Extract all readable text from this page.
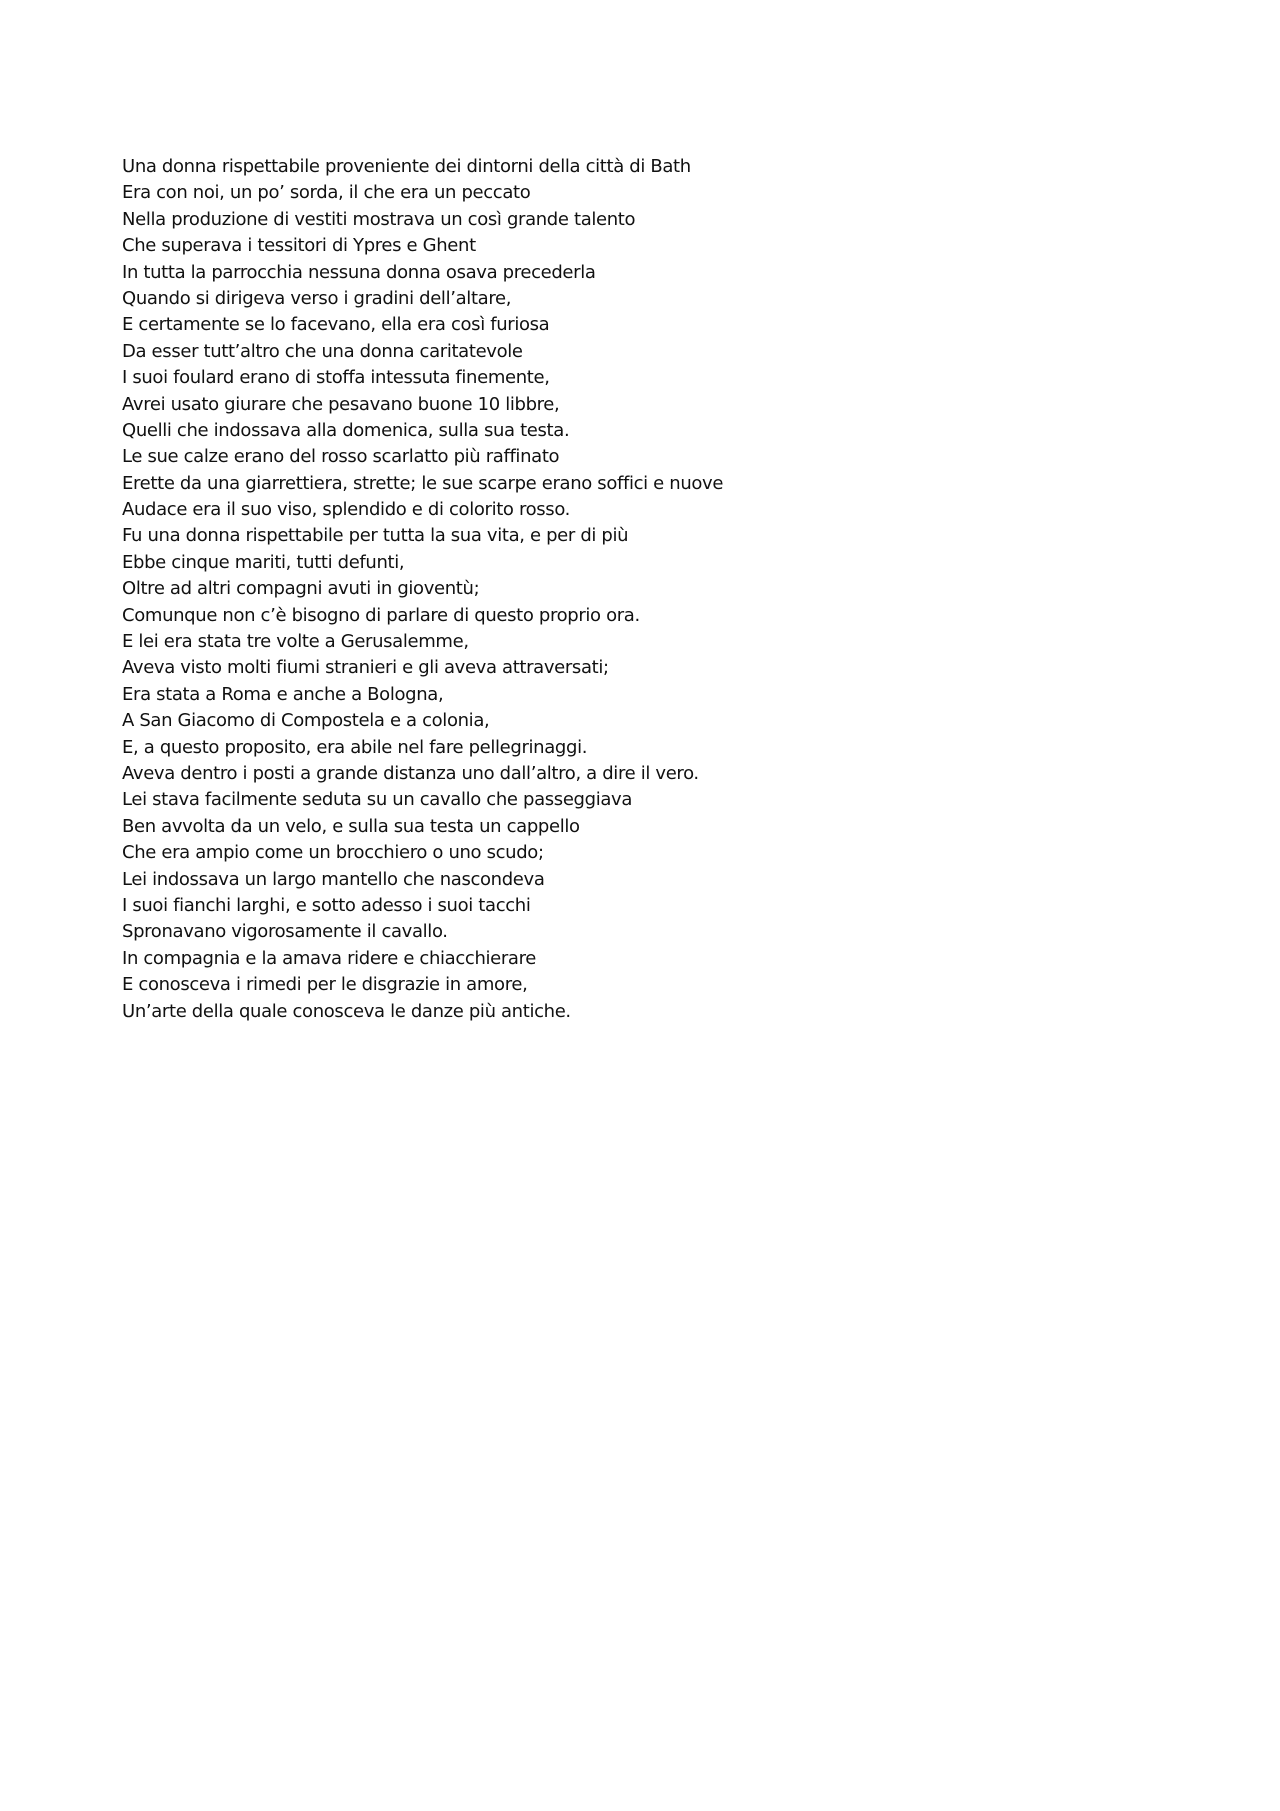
Una donna rispettabile proveniente dei dintorni della città di Bath
Era con noi, un po’ sorda, il che era un peccato
Nella produzione di vestiti mostrava un così grande talento
Che superava i tessitori di Ypres e Ghent
In tutta la parrocchia nessuna donna osava precederla
Quando si dirigeva verso i gradini dell’altare,
E certamente se lo facevano, ella era così furiosa
Da esser tutt’altro che una donna caritatevole
I suoi foulard erano di stoffa intessuta finemente,
Avrei usato giurare che pesavano buone 10 libbre,
Quelli che indossava alla domenica, sulla sua testa.
Le sue calze erano del rosso scarlatto più raffinato
Erette da una giarrettiera, strette; le sue scarpe erano soffici e nuove
Audace era il suo viso, splendido e di colorito rosso.
Fu una donna rispettabile per tutta la sua vita, e per di più
Ebbe cinque mariti, tutti defunti,
Oltre ad altri compagni avuti in gioventù;
Comunque non c’è bisogno di parlare di questo proprio ora.
E lei era stata tre volte a Gerusalemme,
Aveva visto molti fiumi stranieri e gli aveva attraversati;
Era stata a Roma e anche a Bologna,
A San Giacomo di Compostela e a colonia,
E, a questo proposito, era abile nel fare pellegrinaggi.
Aveva dentro i posti a grande distanza uno dall’altro, a dire il vero.
Lei stava facilmente seduta su un cavallo che passeggiava
Ben avvolta da un velo, e sulla sua testa un cappello
Che era ampio come un brocchiero o uno scudo;
Lei indossava un largo mantello che nascondeva
I suoi fianchi larghi, e sotto adesso i suoi tacchi
Spronavano vigorosamente il cavallo.
In compagnia e la amava ridere e chiacchierare
E conosceva i rimedi per le disgrazie in amore,
Un’arte della quale conosceva le danze più antiche.
